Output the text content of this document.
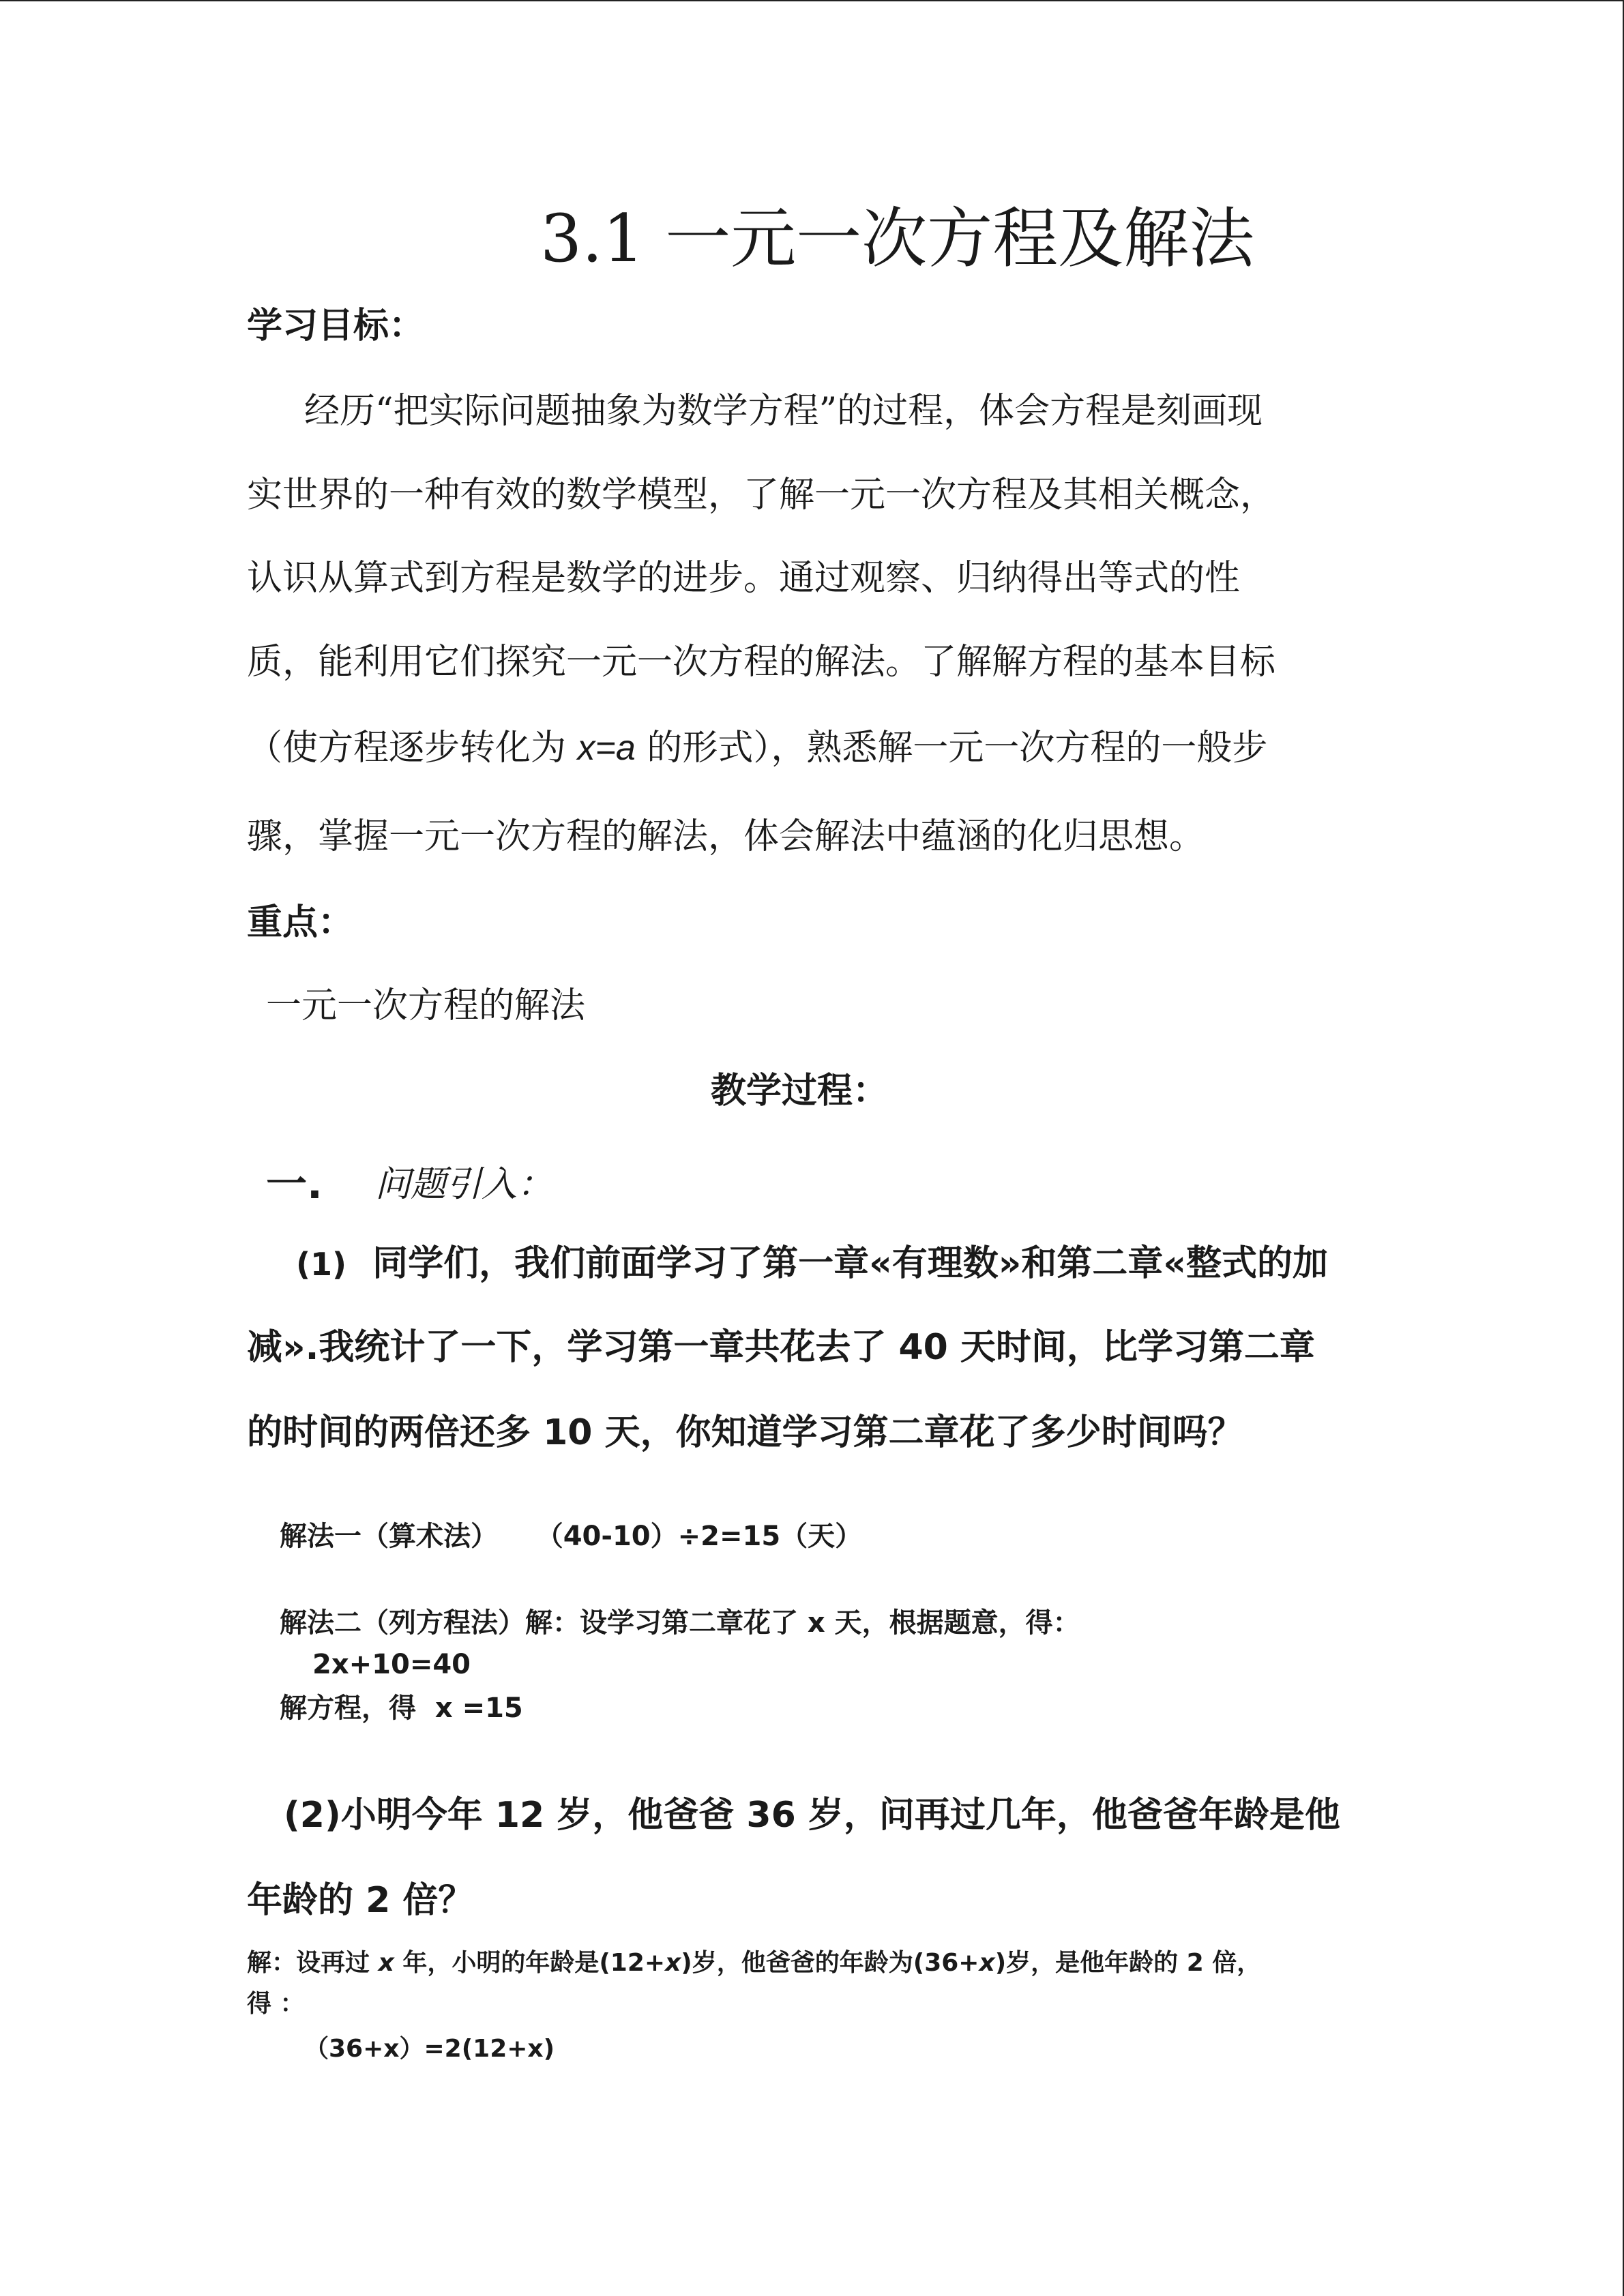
3.1 一元一次方程及解法
学习目标：
经历“把实际问题抽象为数学方程”的过程，体会方程是刻画现
实世界的一种有效的数学模型，了解一元一次方程及其相关概念，
认识从算式到方程是数学的进步。通过观察、归纳得出等式的性
质，能利用它们探究一元一次方程的解法。了解解方程的基本目标
（使方程逐步转化为 x=a 的形式），熟悉解一元一次方程的一般步
骤，掌握一元一次方程的解法，体会解法中蕴涵的化归思想。
重点：
一元一次方程的解法
教学过程：
一. 问题引入：
(1) 同学们，我们前面学习了第一章«有理数»和第二章«整式的加
减».我统计了一下，学习第一章共花去了 40 天时间，比学习第二章
的时间的两倍还多 10 天，你知道学习第二章花了多少时间吗？
解法一（算术法）    （40-10）÷2=15（天）
解法二（列方程法）解：设学习第二章花了 x 天，根据题意，得：
2x+10=40
解方程，得  x =15
(2)小明今年 12 岁，他爸爸 36 岁，问再过几年，他爸爸年龄是他
年龄的 2 倍？
解：设再过 x 年，小明的年龄是(12+x)岁，他爸爸的年龄为(36+x)岁，是他年龄的 2 倍，
得 ：
（36+x）=2(12+x)
